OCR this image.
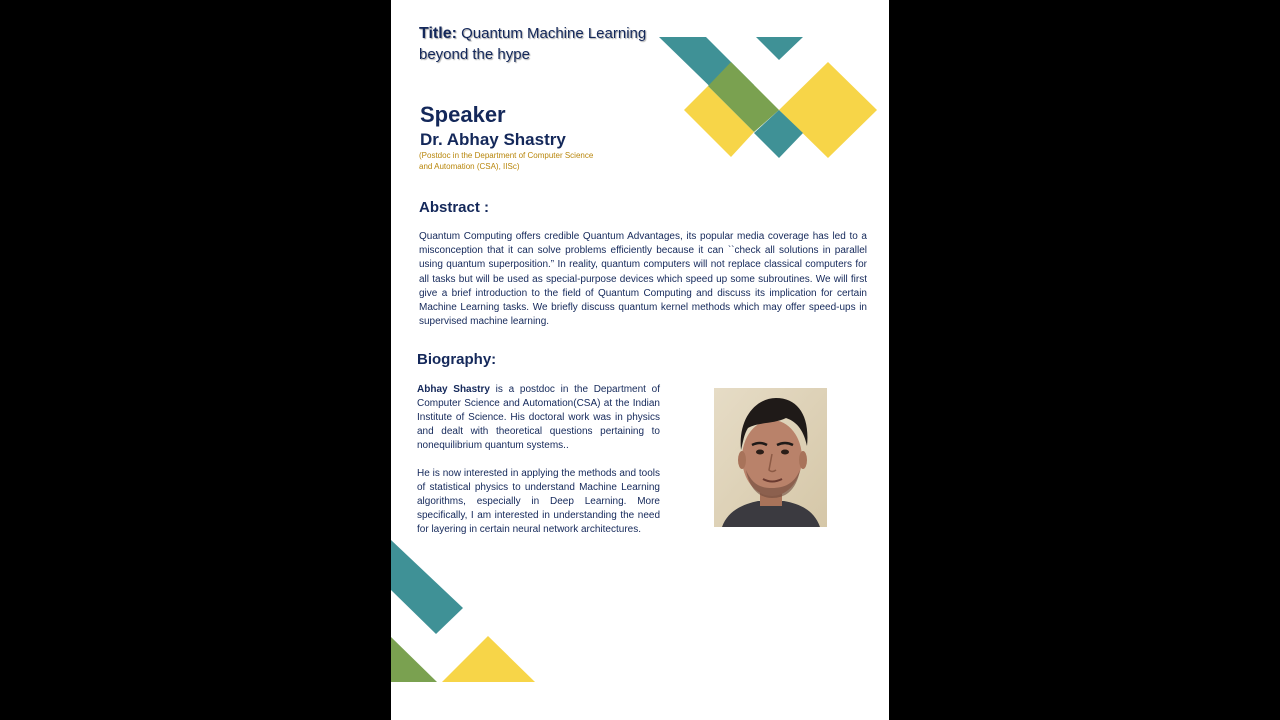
Title: Quantum Machine Learning beyond the hype
Speaker
Dr. Abhay Shastry
(Postdoc in the Department of Computer Science and Automation (CSA), IISc)
Abstract :
Quantum Computing offers credible Quantum Advantages, its popular media coverage has led to a misconception that it can solve problems efficiently because it can ``check all solutions in parallel using quantum superposition.” In reality, quantum computers will not replace classical computers for all tasks but will be used as special-purpose devices which speed up some subroutines. We will first give a brief introduction to the field of Quantum Computing and discuss its implication for certain Machine Learning tasks. We briefly discuss quantum kernel methods which may offer speed-ups in supervised machine learning.
Biography:

Abhay Shastry is a postdoc in the Department of Computer Science and Automation(CSA) at the Indian Institute of Science. His doctoral work was in physics and dealt with theoretical questions pertaining to nonequilibrium quantum systems..

He is now interested in applying the methods and tools of statistical physics to understand Machine Learning algorithms, especially in Deep Learning. More specifically, I am interested in understanding the need for layering in certain neural network architectures.
